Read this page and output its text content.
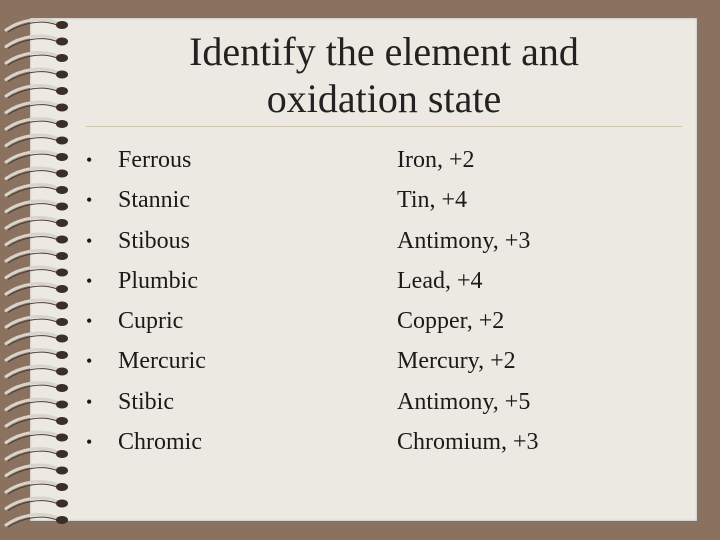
Identify the element and
oxidation state
• Ferrous
• Stannic
• Stibous
• Plumbic
• Cupric
• Mercuric
• Stibic
• Chromic
Iron, +2
Tin, +4
Antimony, +3
Lead, +4
Copper, +2
Mercury, +2
Antimony, +5
Chromium, +3
